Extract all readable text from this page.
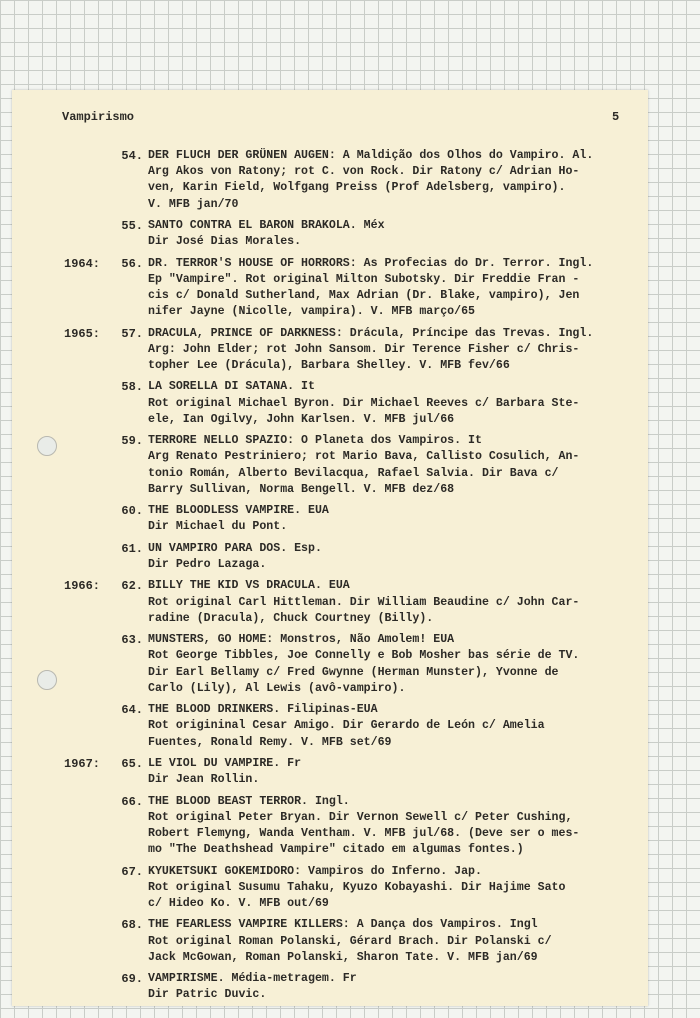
Vampirismo	5
54. DER FLUCH DER GRÜNEN AUGEN: A Maldição dos Olhos do Vampiro. Al.
Arg Akos von Ratony; rot C. von Rock. Dir Ratony c/ Adrian Ho-
ven, Karin Field, Wolfgang Preiss (Prof Adelsberg, vampiro).
V. MFB jan/70
55. SANTO CONTRA EL BARON BRAKOLA. Méx
Dir José Dias Morales.
1964:	56. DR. TERROR'S HOUSE OF HORRORS: As Profecias do Dr. Terror. Ingl.
Ep "Vampire". Rot original Milton Subotsky. Dir Freddie Fran -
cis c/ Donald Sutherland, Max Adrian (Dr. Blake, vampiro), Jen
nifer Jayne (Nicolle, vampira). V. MFB março/65
1965:	57. DRACULA, PRINCE OF DARKNESS: Drácula, Príncipe das Trevas. Ingl.
Arg: John Elder; rot John Sansom. Dir Terence Fisher c/ Chris-
topher Lee (Drácula), Barbara Shelley. V. MFB fev/66
58. LA SORELLA DI SATANA. It
Rot original Michael Byron. Dir Michael Reeves c/ Barbara Ste-
ele, Ian Ogilvy, John Karlsen. V. MFB jul/66
59. TERRORE NELLO SPAZIO: O Planeta dos Vampiros. It
Arg Renato Pestriniero; rot Mario Bava, Callisto Cosulich, An-
tonio Román, Alberto Bevilacqua, Rafael Salvia. Dir Bava c/
Barry Sullivan, Norma Bengell. V. MFB dez/68
60. THE BLOODLESS VAMPIRE. EUA
Dir Michael du Pont.
61. UN VAMPIRO PARA DOS. Esp.
Dir Pedro Lazaga.
1966:	62. BILLY THE KID VS DRACULA. EUA
Rot original Carl Hittleman. Dir William Beaudine c/ John Car-
radine (Dracula), Chuck Courtney (Billy).
63. MUNSTERS, GO HOME: Monstros, Não Amolem! EUA
Rot George Tibbles, Joe Connelly e Bob Mosher bas série de TV.
Dir Earl Bellamy c/ Fred Gwynne (Herman Munster), Yvonne de
Carlo (Lily), Al Lewis (avô-vampiro).
64. THE BLOOD DRINKERS. Filipinas-EUA
Rot origininal Cesar Amigo. Dir Gerardo de León c/ Amelia
Fuentes, Ronald Remy. V. MFB set/69
1967:	65. LE VIOL DU VAMPIRE. Fr
Dir Jean Rollin.
66. THE BLOOD BEAST TERROR. Ingl.
Rot original Peter Bryan. Dir Vernon Sewell c/ Peter Cushing,
Robert Flemyng, Wanda Ventham. V. MFB jul/68. (Deve ser o mes-
mo "The Deathshead Vampire" citado em algumas fontes.)
67. KYUKETSUKI GOKEMIDORO: Vampiros do Inferno. Jap.
Rot original Susumu Tahaku, Kyuzo Kobayashi. Dir Hajime Sato
c/ Hideo Ko. V. MFB out/69
68. THE FEARLESS VAMPIRE KILLERS: A Dança dos Vampiros. Ingl
Rot original Roman Polanski, Gérard Brach. Dir Polanski c/
Jack McGowan, Roman Polanski, Sharon Tate. V. MFB jan/69
69. VAMPIRISME. Média-metragem. Fr
Dir Patric Duvic.
